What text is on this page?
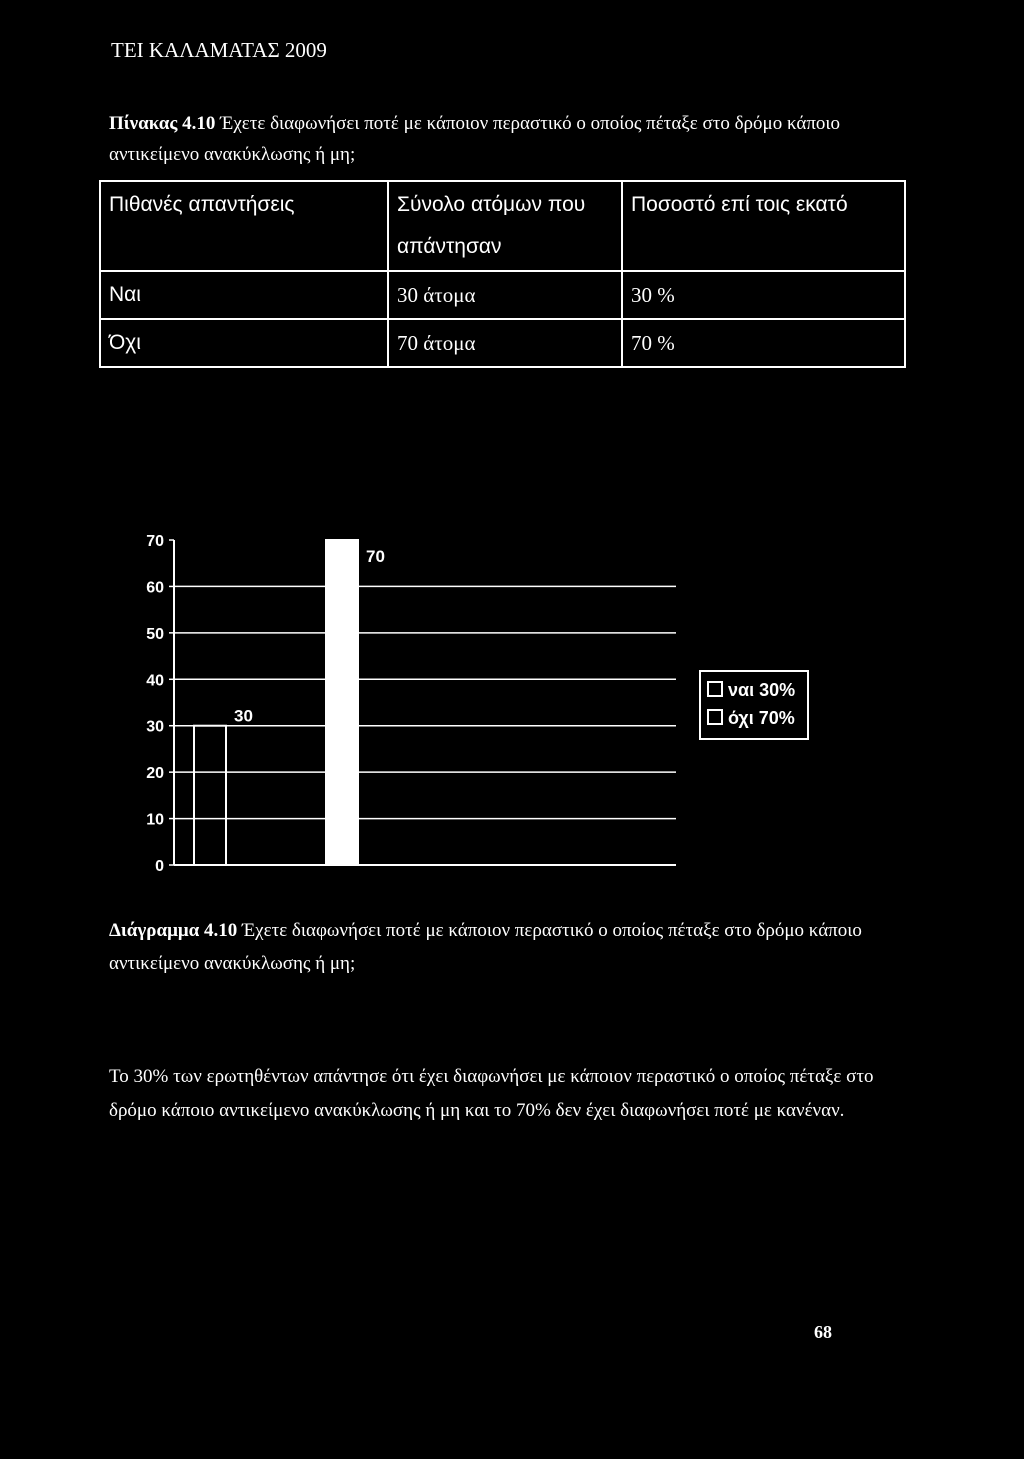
ΤΕΙ ΚΑΛΑΜΑΤΑΣ 2009
Πίνακας 4.10 Έχετε διαφωνήσει ποτέ με κάποιον περαστικό ο οποίος πέταξε στο δρόμο κάποιο αντικείμενο ανακύκλωσης ή μη;
Πιθανές απαντήσεις	Σύνολο ατόμων που απάντησαν	Ποσοστό επί τοις εκατό
Ναι	30 άτομα	30 %
Όχι	70 άτομα	70 %
0
10
20
30
40
50
60
70
30
70
ναι 30%
όχι 70%
Διάγραμμα 4.10 Έχετε διαφωνήσει ποτέ με κάποιον περαστικό ο οποίος πέταξε στο δρόμο κάποιο αντικείμενο ανακύκλωσης ή μη;
Το 30% των ερωτηθέντων απάντησε ότι έχει διαφωνήσει με κάποιον περαστικό ο οποίος πέταξε στο δρόμο κάποιο αντικείμενο ανακύκλωσης ή μη και το 70% δεν έχει διαφωνήσει ποτέ με κανέναν.
68
